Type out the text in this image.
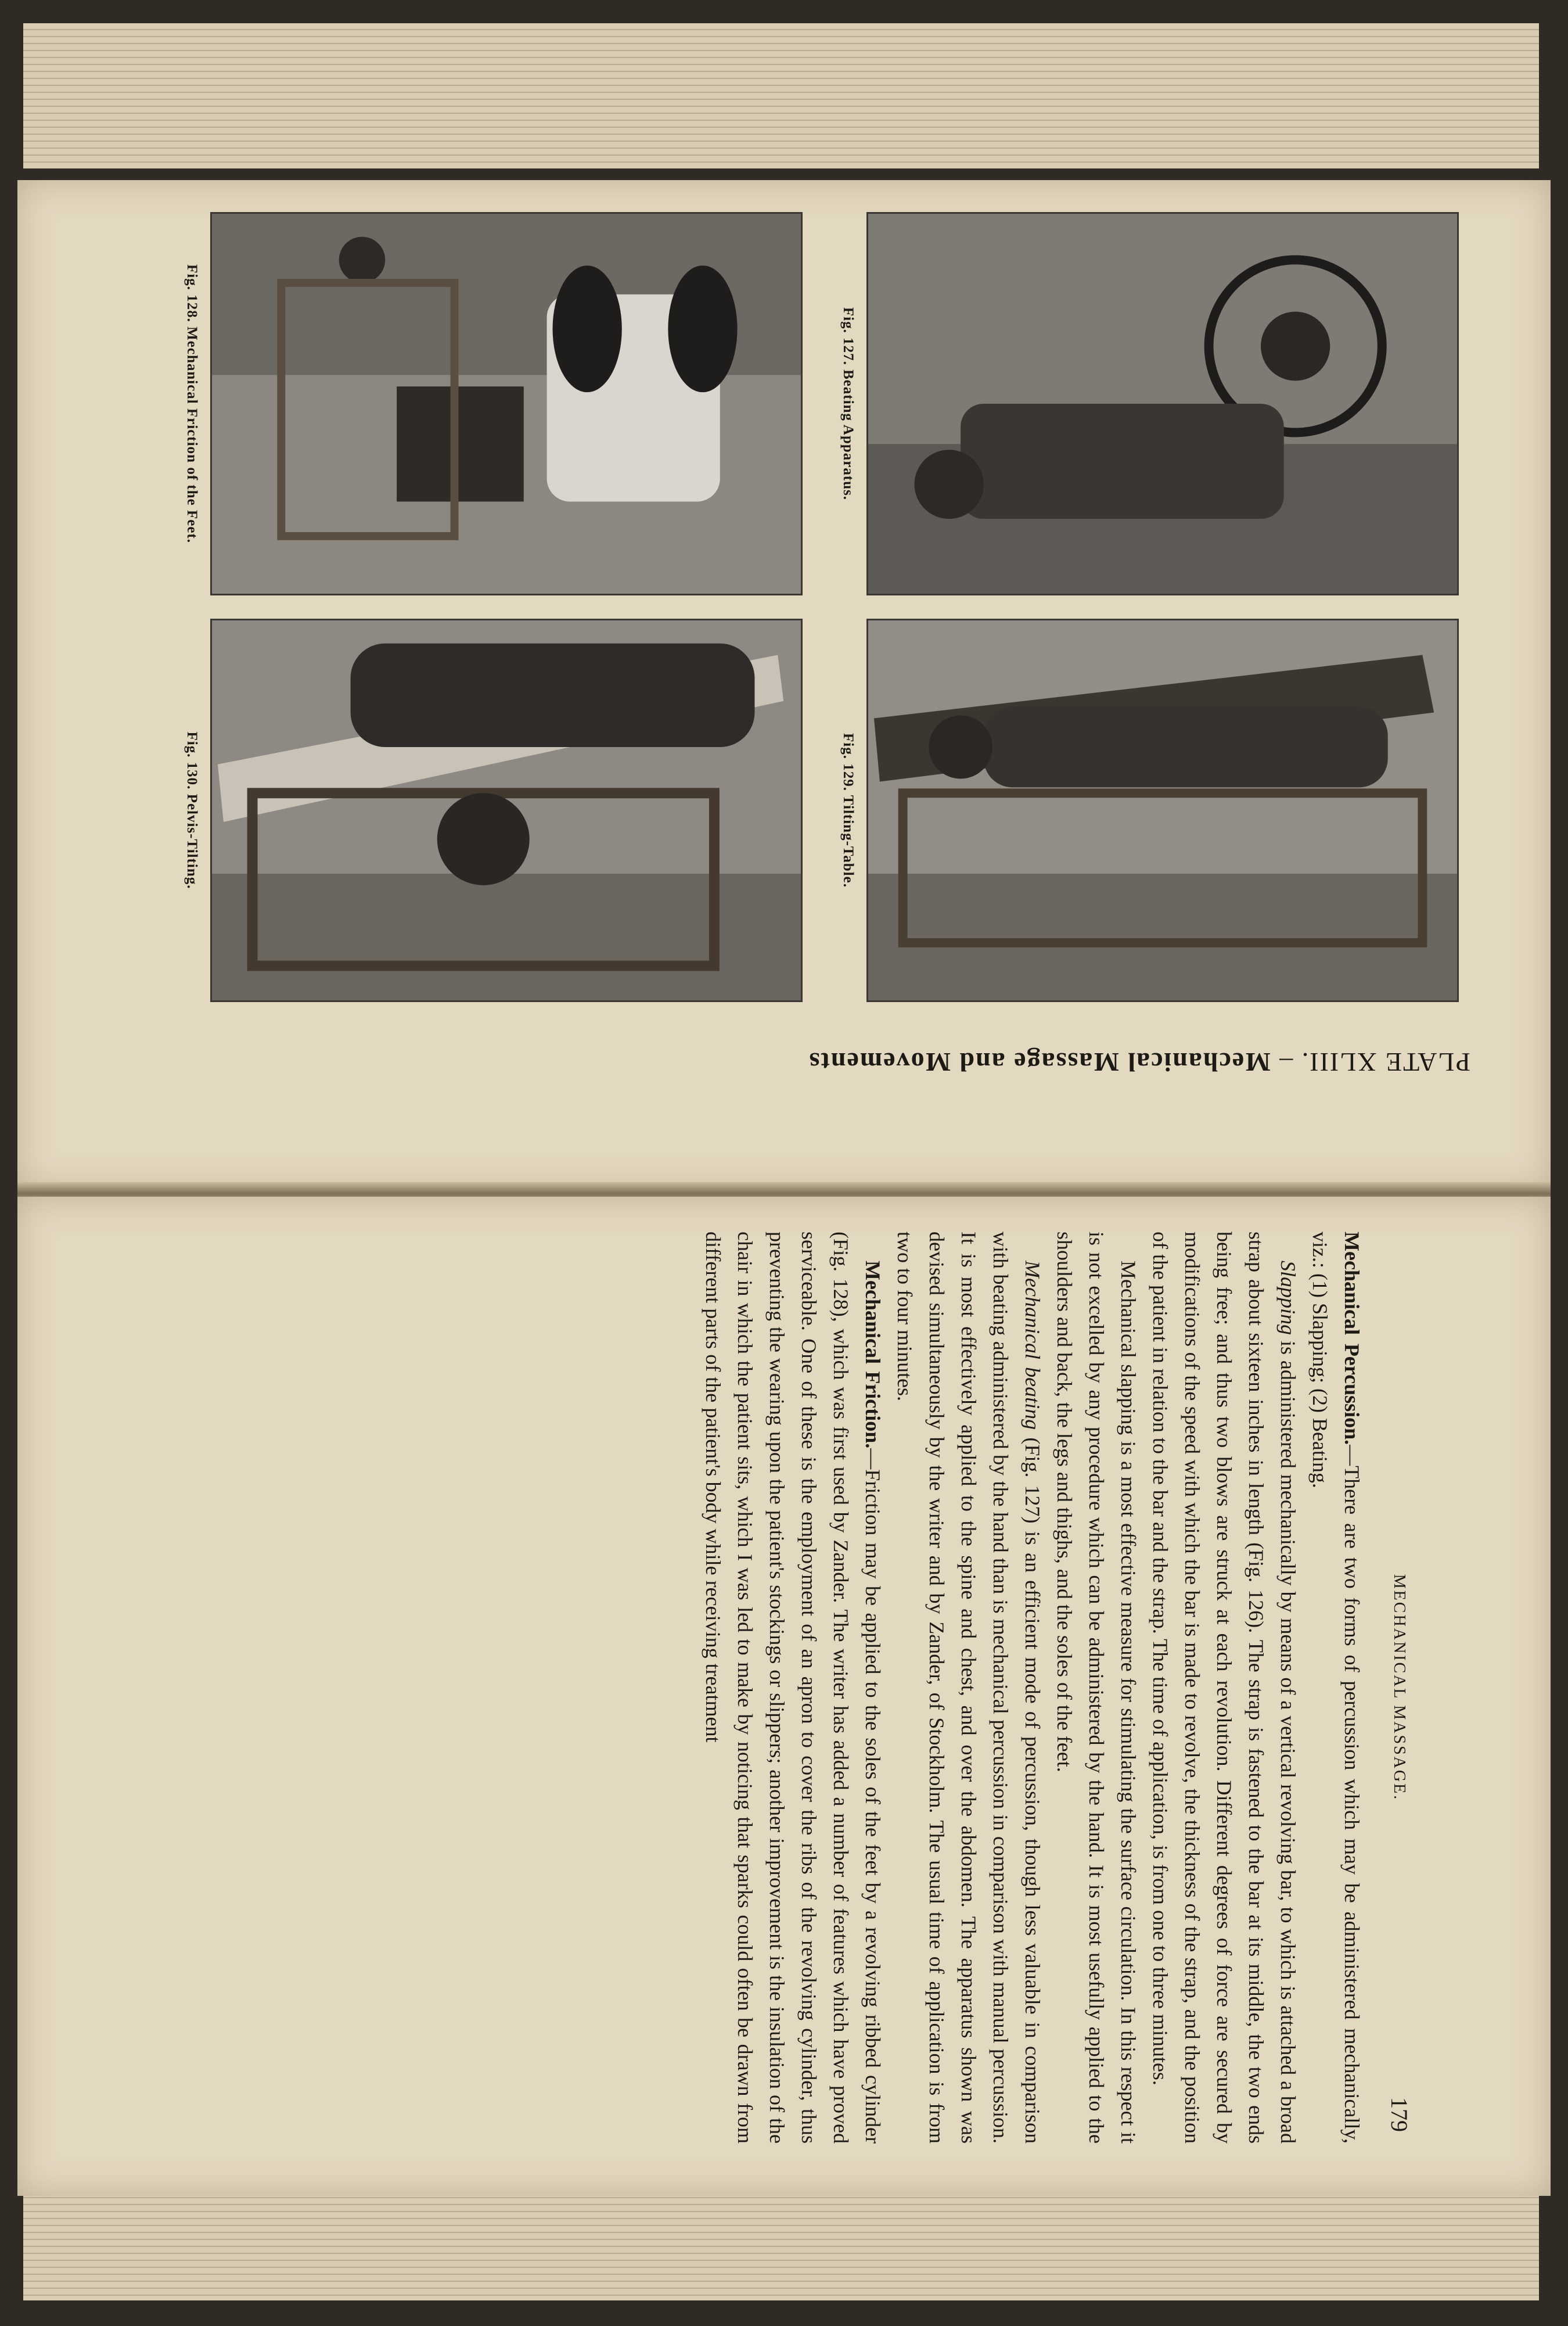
Fig. 127. Beating Apparatus.
Fig. 128. Mechanical Friction of the Feet.
Fig. 129. Tilting-Table.
Fig. 130. Pelvis-Tilting.
PLATE XLIII. – Mechanical Massage and Movements
MECHANICAL MASSAGE.
179

Mechanical Percussion.—There are two forms of percussion which may be administered mechanically, viz.: (1) Slapping; (2) Beating.

Slapping is administered mechanically by means of a vertical revolving bar, to which is attached a broad strap about sixteen inches in length (Fig. 126). The strap is fastened to the bar at its middle, the two ends being free; and thus two blows are struck at each revolution. Different degrees of force are secured by modifications of the speed with which the bar is made to revolve, the thickness of the strap, and the position of the patient in relation to the bar and the strap. The time of application, is from one to three minutes.

Mechanical slapping is a most effective measure for stimulating the surface circulation. In this respect it is not excelled by any procedure which can be administered by the hand. It is most usefully applied to the shoulders and back, the legs and thighs, and the soles of the feet.

Mechanical beating (Fig. 127) is an efficient mode of percussion, though less valuable in comparison with beating administered by the hand than is mechanical percussion in comparison with manual percussion. It is most effectively applied to the spine and chest, and over the abdomen. The apparatus shown was devised simultaneously by the writer and by Zander, of Stockholm. The usual time of application is from two to four minutes.

Mechanical Friction.—Friction may be applied to the soles of the feet by a revolving ribbed cylinder (Fig. 128), which was first used by Zander. The writer has added a number of features which have proved serviceable. One of these is the employment of an apron to cover the ribs of the revolving cylinder, thus preventing the wearing upon the patient's stockings or slippers; another improvement is the insulation of the chair in which the patient sits, which I was led to make by noticing that sparks could often be drawn from different parts of the patient's body while receiving treatment
